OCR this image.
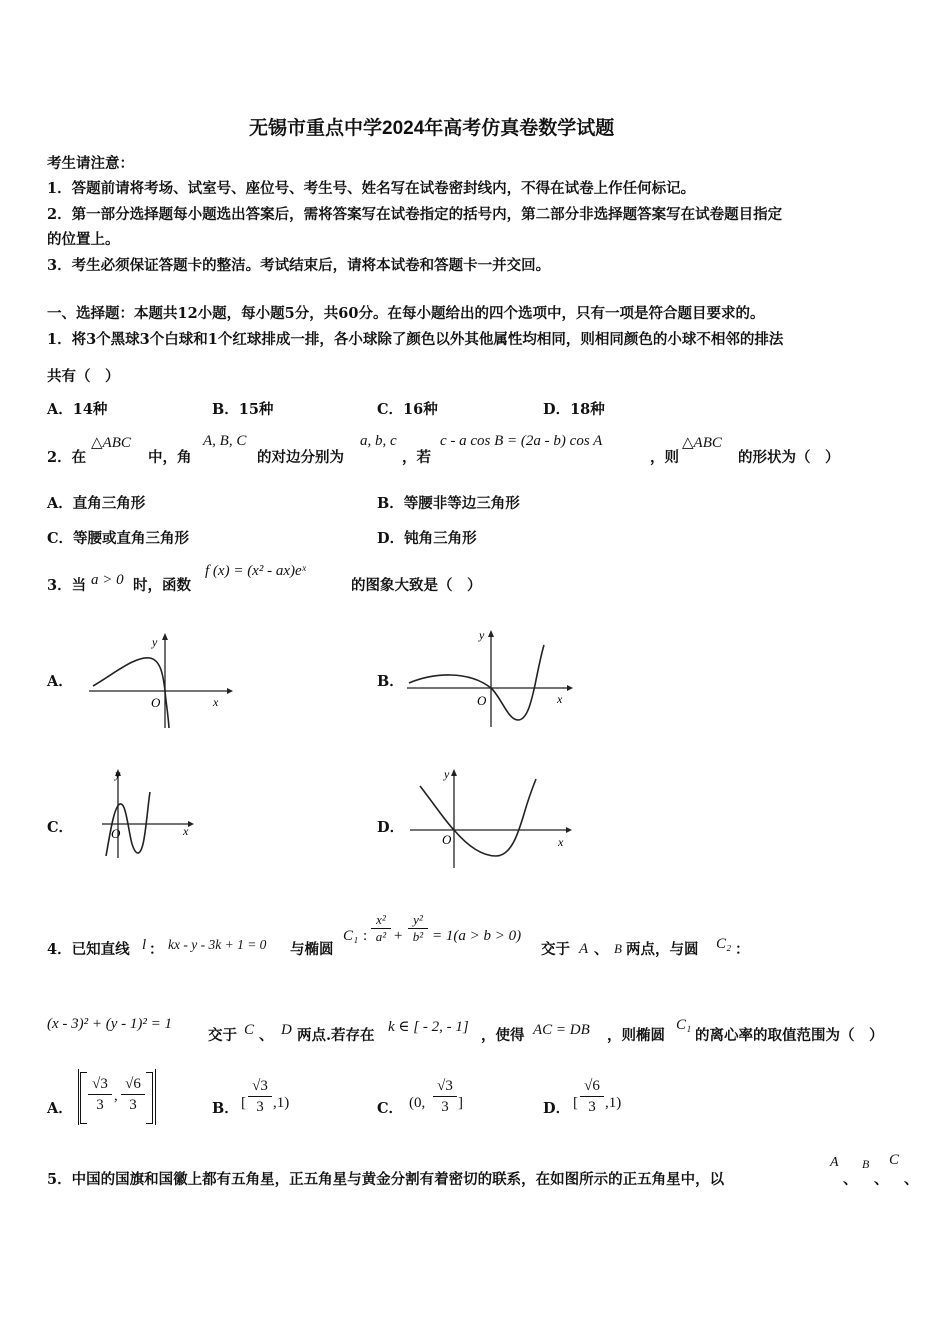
无锡市重点中学2024年高考仿真卷数学试题
考生请注意：
1．答题前请将考场、试室号、座位号、考生号、姓名写在试卷密封线内，不得在试卷上作任何标记。
2．第一部分选择题每小题选出答案后，需将答案写在试卷指定的括号内，第二部分非选择题答案写在试卷题目指定
的位置上。
3．考生必须保证答题卡的整洁。考试结束后，请将本试卷和答题卡一并交回。
一、选择题：本题共12小题，每小题5分，共60分。在每小题给出的四个选项中，只有一项是符合题目要求的。
1．将3个黑球3个白球和1个红球排成一排，各小球除了颜色以外其他属性均相同，则相同颜色的小球不相邻的排法
共有（　）
A．14种	B．15种	C．16种	D．18种
2．在
△ABC
中，角
A, B, C
的对边分别为
a, b, c
，若
c - a cos B = (2a - b) cos A
，则
△ABC
的形状为（　）
A．直角三角形	B．等腰非等边三角形
C．等腰或直角三角形	D．钝角三角形
3．当 a > 0 时，函数
f (x) = (x² - ax)eˣ
的图象大致是（　）
A．	B．
C．	D．
y
O	x
y
O	x
y
O	x
y
O	x
4．已知直线 l ： kx - y - 3k + 1 = 0 与椭圆
C₁ :
x²
a² +
y²
b² = 1(a > b > 0)
交于 A 、 B 两点，与圆 C₂ ：
(x - 3)² + (y - 1)² = 1
交于 C 、 D 两点.若存在 k ∈ [ - 2, - 1] ，使得 AC = DB ，则椭圆
C₁
的离心率的取值范围为（　）
A．
√3
3
,
√6
3	B． [
√3
3 ,1)	C． (0,
√3
3 ]	D． [
√6
3 ,1)
5．中国的国旗和国徽上都有五角星，正五角星与黄金分割有着密切的联系，在如图所示的正五角星中，以
A
、
B
、
C
、
